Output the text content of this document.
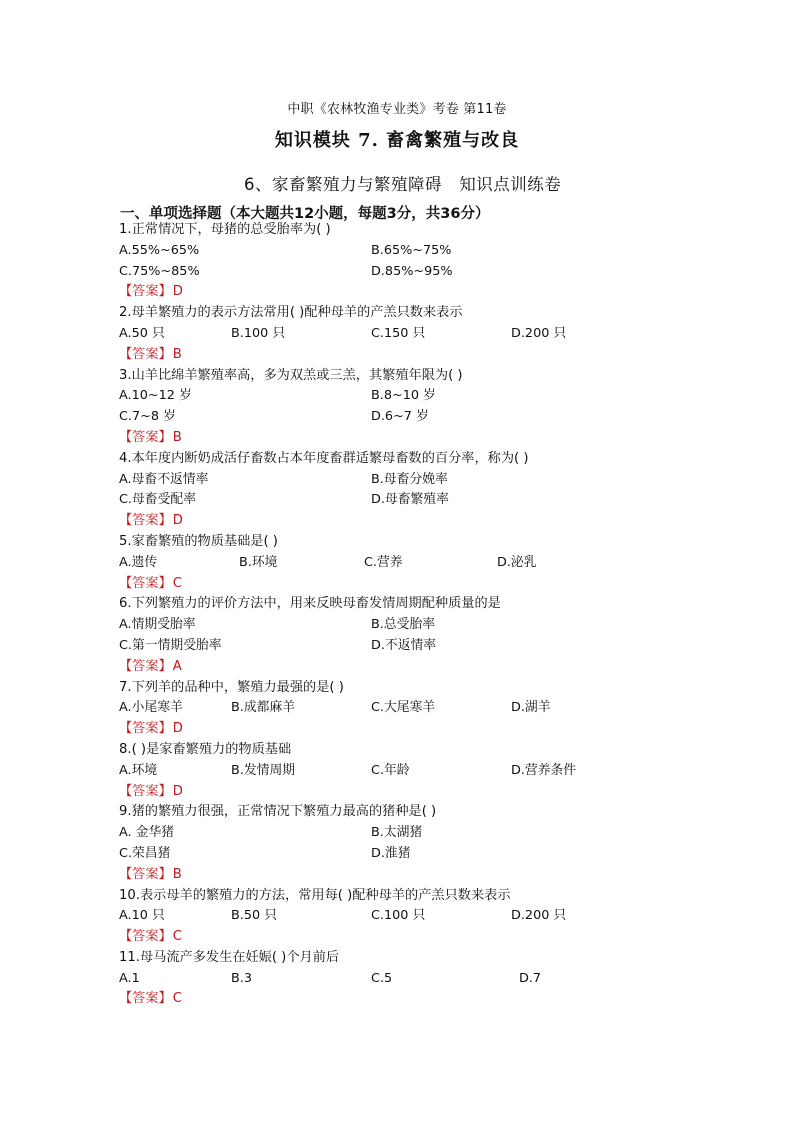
中职《农林牧渔专业类》考卷 第11卷
知识模块 7. 畜禽繁殖与改良
6、家畜繁殖力与繁殖障碍   知识点训练卷
一、单项选择题（本大题共12小题，每题3分，共36分）
1.正常情况下，母猪的总受胎率为( )
A.55%~65%	B.65%~75%
C.75%~85%	D.85%~95%
【答案】D
2.母羊繁殖力的表示方法常用( )配种母羊的产羔只数来表示
A.50 只	B.100 只	C.150 只	D.200 只
【答案】B
3.山羊比绵羊繁殖率高，多为双羔或三羔，其繁殖年限为( )
A.10~12 岁	B.8~10 岁
C.7~8 岁	D.6~7 岁
【答案】B
4.本年度内断奶成活仔畜数占本年度畜群适繁母畜数的百分率，称为( )
A.母畜不返情率	B.母畜分娩率
C.母畜受配率	D.母畜繁殖率
【答案】D
5.家畜繁殖的物质基础是( )
A.遗传	B.环境	C.营养	D.泌乳
【答案】C
6.下列繁殖力的评价方法中，用来反映母畜发情周期配种质量的是
A.情期受胎率	B.总受胎率
C.第一情期受胎率	D.不返情率
【答案】A
7.下列羊的品种中，繁殖力最强的是( )
A.小尾寒羊	B.成都麻羊	C.大尾寒羊	D.湖羊
【答案】D
8.( )是家畜繁殖力的物质基础
A.环境	B.发情周期	C.年龄	D.营养条件
【答案】D
9.猪的繁殖力很强，正常情况下繁殖力最高的猪种是( )
A. 金华猪	B.太湖猪
C.荣昌猪	D.淮猪
【答案】B
10.表示母羊的繁殖力的方法，常用每( )配种母羊的产羔只数来表示
A.10 只	B.50 只	C.100 只	D.200 只
【答案】C
11.母马流产多发生在妊娠( )个月前后
A.1	B.3	C.5	D.7
【答案】C
